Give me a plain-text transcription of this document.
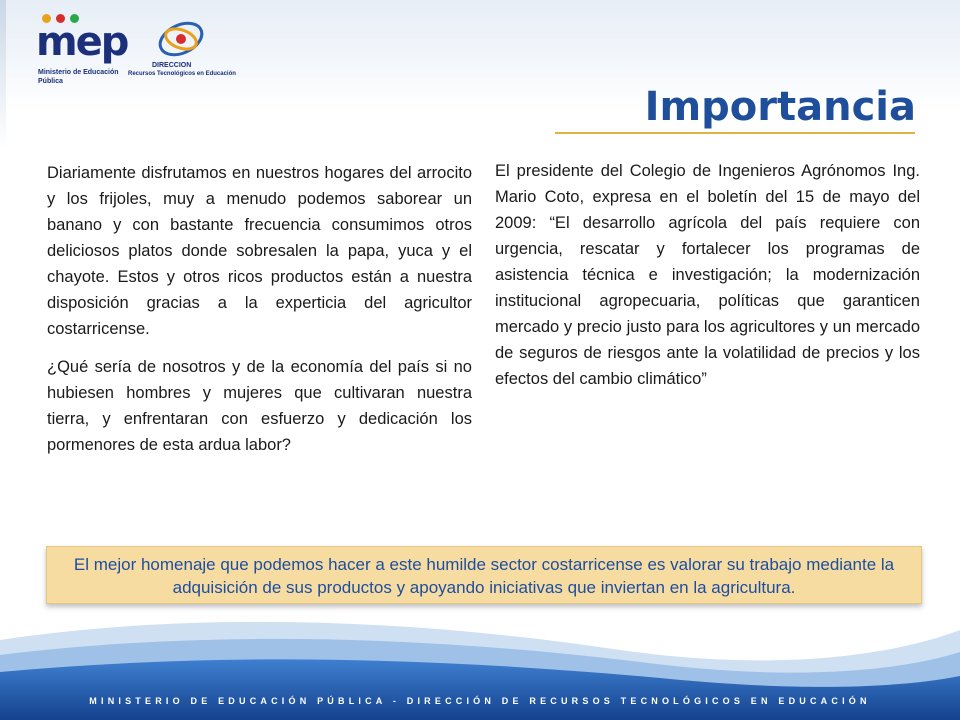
mep
Ministerio de Educación Pública
DIRECCION
Recursos Tecnológicos en Educación
Importancia

Diariamente disfrutamos en nuestros hogares del arrocito y los frijoles, muy a menudo podemos saborear un banano y con bastante frecuencia consumimos otros deliciosos platos donde sobresalen la papa, yuca y el chayote. Estos y otros ricos productos están a nuestra disposición gracias a la experticia del agricultor costarricense.

¿Qué sería de nosotros y de la economía del país si no hubiesen hombres y mujeres que cultivaran nuestra tierra, y enfrentaran con esfuerzo y dedicación los pormenores de esta ardua labor?

El presidente del Colegio de Ingenieros Agrónomos Ing. Mario Coto, expresa en el boletín del 15 de mayo del 2009: “El desarrollo agrícola del país requiere con urgencia, rescatar y fortalecer los programas de asistencia técnica e investigación; la modernización institucional agropecuaria, políticas que garanticen mercado y precio justo para los agricultores y un mercado de seguros de riesgos ante la volatilidad de precios y los efectos del cambio climático”

El mejor homenaje que podemos hacer a este humilde sector costarricense es valorar su trabajo mediante la adquisición de sus productos y apoyando iniciativas que inviertan en la agricultura.
MINISTERIO DE EDUCACIÓN PÚBLICA - DIRECCIÓN DE RECURSOS TECNOLÓGICOS EN EDUCACIÓN
